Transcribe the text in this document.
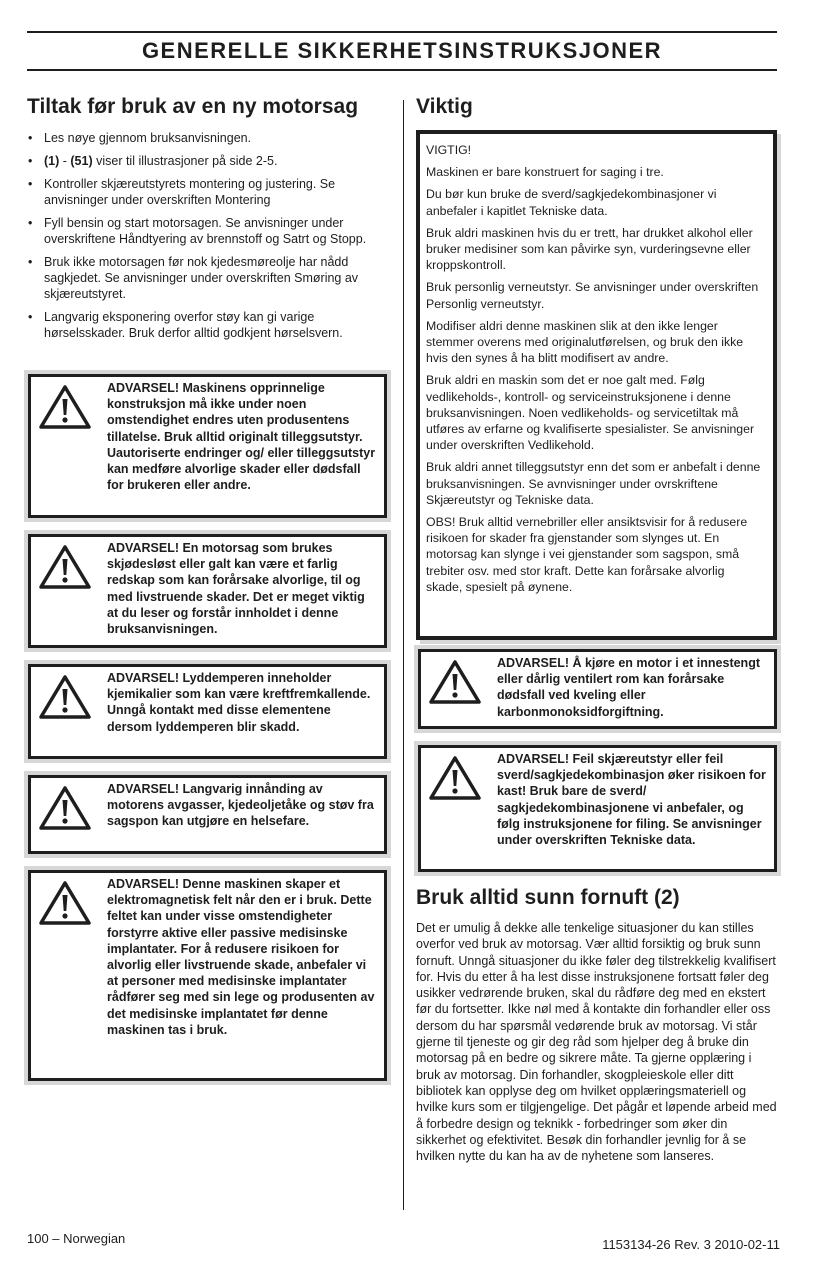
GENERELLE SIKKERHETSINSTRUKSJONER
Tiltak før bruk av en ny motorsag
• Les nøye gjennom bruksanvisningen.
• (1) - (51) viser til illustrasjoner på side 2-5.
• Kontroller skjæreutstyrets montering og justering. Se anvisninger under overskriften Montering
• Fyll bensin og start motorsagen. Se anvisninger under overskriftene Håndtyering av brennstoff og Satrt og Stopp.
• Bruk ikke motorsagen før nok kjedesmøreolje har nådd sagkjedet. Se anvisninger under overskriften Smøring av skjæreutstyret.
• Langvarig eksponering overfor støy kan gi varige hørselsskader. Bruk derfor alltid godkjent hørselsvern.
ADVARSEL! Maskinens opprinnelige konstruksjon må ikke under noen omstendighet endres uten produsentens tillatelse. Bruk alltid originalt tilleggsutstyr. Uautoriserte endringer og/ eller tilleggsutstyr kan medføre alvorlige skader eller dødsfall for brukeren eller andre.
ADVARSEL! En motorsag som brukes skjødesløst eller galt kan være et farlig redskap som kan forårsake alvorlige, til og med livstruende skader. Det er meget viktig at du leser og forstår innholdet i denne bruksanvisningen.
ADVARSEL! Lyddemperen inneholder kjemikalier som kan være kreftfremkallende. Unngå kontakt med disse elementene dersom lyddemperen blir skadd.
ADVARSEL! Langvarig innånding av motorens avgasser, kjedeoljetåke og støv fra sagspon kan utgjøre en helsefare.
ADVARSEL! Denne maskinen skaper et elektromagnetisk felt når den er i bruk. Dette feltet kan under visse omstendigheter forstyrre aktive eller passive medisinske implantater. For å redusere risikoen for alvorlig eller livstruende skade, anbefaler vi at personer med medisinske implantater rådfører seg med sin lege og produsenten av det medisinske implantatet før denne maskinen tas i bruk.
Viktig

VIGTIG!

Maskinen er bare konstruert for saging i tre.

Du bør kun bruke de sverd/sagkjedekombinasjoner vi anbefaler i kapitlet Tekniske data.

Bruk aldri maskinen hvis du er trett, har drukket alkohol eller bruker medisiner som kan påvirke syn, vurderingsevne eller kroppskontroll.

Bruk personlig verneutstyr. Se anvisninger under overskriften Personlig verneutstyr.

Modifiser aldri denne maskinen slik at den ikke lenger stemmer overens med originalutførelsen, og bruk den ikke hvis den synes å ha blitt modifisert av andre.

Bruk aldri en maskin som det er noe galt med. Følg vedlikeholds-, kontroll- og serviceinstruksjonene i denne bruksanvisningen. Noen vedlikeholds- og servicetiltak må utføres av erfarne og kvalifiserte spesialister. Se anvisninger under overskriften Vedlikehold.

Bruk aldri annet tilleggsutstyr enn det som er anbefalt i denne bruksanvisningen. Se avnvisninger under ovrskriftene Skjæreutstyr og Tekniske data.

OBS! Bruk alltid vernebriller eller ansiktsvisir for å redusere risikoen for skader fra gjenstander som slynges ut. En motorsag kan slynge i vei gjenstander som sagspon, små trebiter osv. med stor kraft. Dette kan forårsake alvorlig skade, spesielt på øynene.

ADVARSEL! Å kjøre en motor i et innestengt eller dårlig ventilert rom kan forårsake dødsfall ved kveling eller karbonmonoksidforgiftning.
ADVARSEL! Feil skjæreutstyr eller feil sverd/sagkjedekombinasjon øker risikoen for kast! Bruk bare de sverd/ sagkjedekombinasjonene vi anbefaler, og følg instruksjonene for filing. Se anvisninger under overskriften Tekniske data.
Bruk alltid sunn fornuft (2)

Det er umulig å dekke alle tenkelige situasjoner du kan stilles overfor ved bruk av motorsag. Vær alltid forsiktig og bruk sunn fornuft. Unngå situasjoner du ikke føler deg tilstrekkelig kvalifisert for. Hvis du etter å ha lest disse instruksjonene fortsatt føler deg usikker vedrørende bruken, skal du rådføre deg med en ekstert før du fortsetter. Ikke nøl med å kontakte din forhandler eller oss dersom du har spørsmål vedørende bruk av motorsag. Vi står gjerne til tjeneste og gir deg råd som hjelper deg å bruke din motorsag på en bedre og sikrere måte. Ta gjerne opplæring i bruk av motorsag. Din forhandler, skogpleieskole eller ditt bibliotek kan opplyse deg om hvilket opplæringsmateriell og hvilke kurs som er tilgjengelige. Det pågår et løpende arbeid med å forbedre design og teknikk - forbedringer som øker din sikkerhet og efektivitet. Besøk din forhandler jevnlig for å se hvilken nytte du kan ha av de nyhetene som lanseres.

100 – Norwegian	1153134-26 Rev. 3 2010-02-11
